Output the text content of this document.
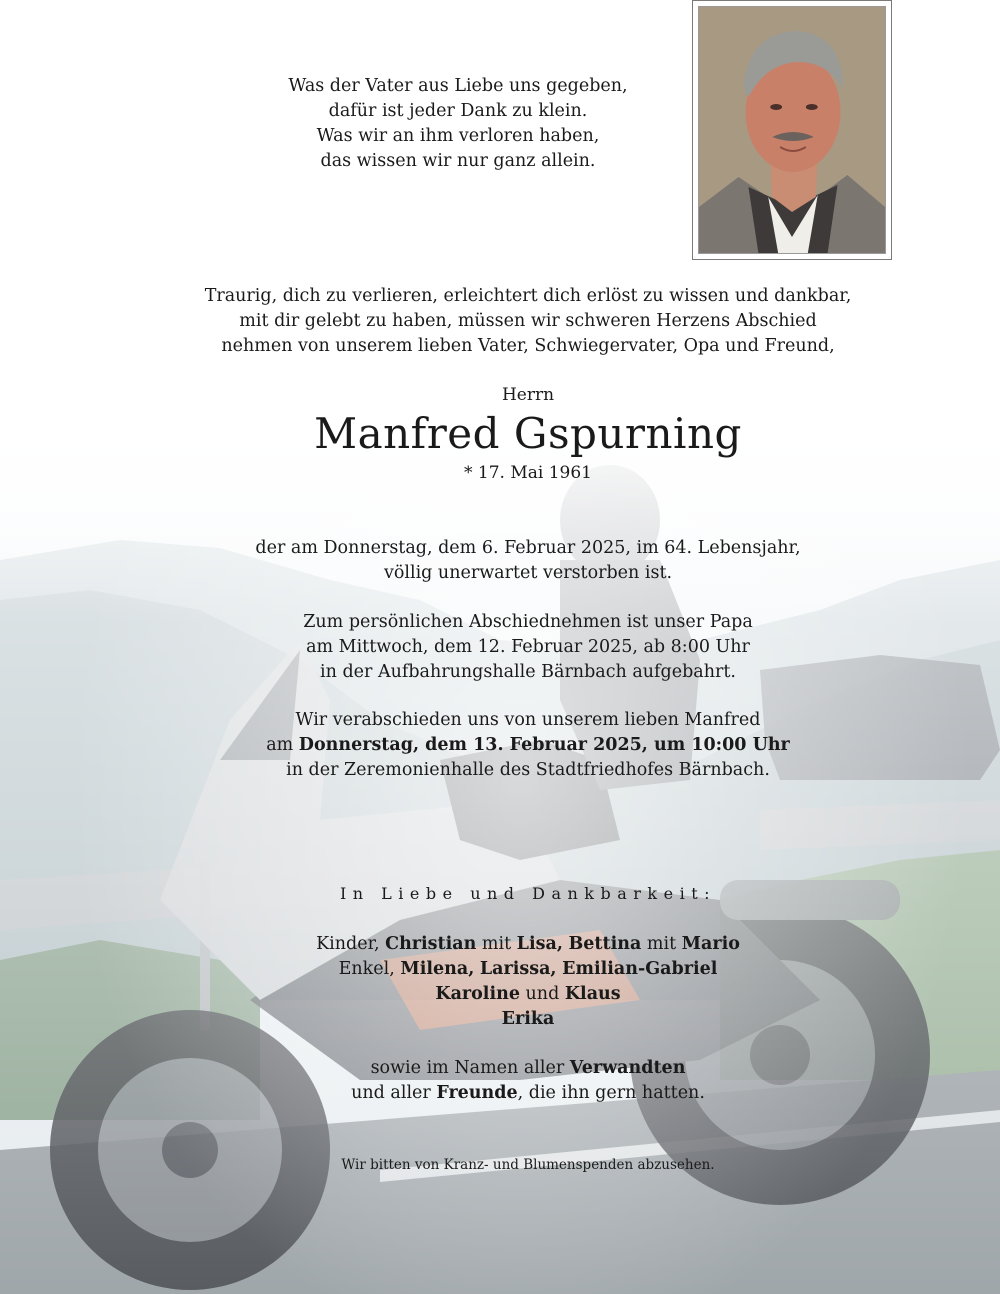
Was der Vater aus Liebe uns gegeben,
dafür ist jeder Dank zu klein.
Was wir an ihm verloren haben,
das wissen wir nur ganz allein.
Traurig, dich zu verlieren, erleichtert dich erlöst zu wissen und dankbar,
mit dir gelebt zu haben, müssen wir schweren Herzens Abschied
nehmen von unserem lieben Vater, Schwiegervater, Opa und Freund,
Herrn
Manfred Gspurning
* 17. Mai 1961
der am Donnerstag, dem 6. Februar 2025, im 64. Lebensjahr,
völlig unerwartet verstorben ist.
Zum persönlichen Abschiednehmen ist unser Papa
am Mittwoch, dem 12. Februar 2025, ab 8:00 Uhr
in der Aufbahrungshalle Bärnbach aufgebahrt.
Wir verabschieden uns von unserem lieben Manfred
am Donnerstag, dem 13. Februar 2025, um 10:00 Uhr
in der Zeremonienhalle des Stadtfriedhofes Bärnbach.
In Liebe und Dankbarkeit:
Kinder, Christian mit Lisa, Bettina mit Mario
Enkel, Milena, Larissa, Emilian-Gabriel
Karoline und Klaus
Erika
sowie im Namen aller Verwandten
und aller Freunde, die ihn gern hatten.
Wir bitten von Kranz- und Blumenspenden abzusehen.
